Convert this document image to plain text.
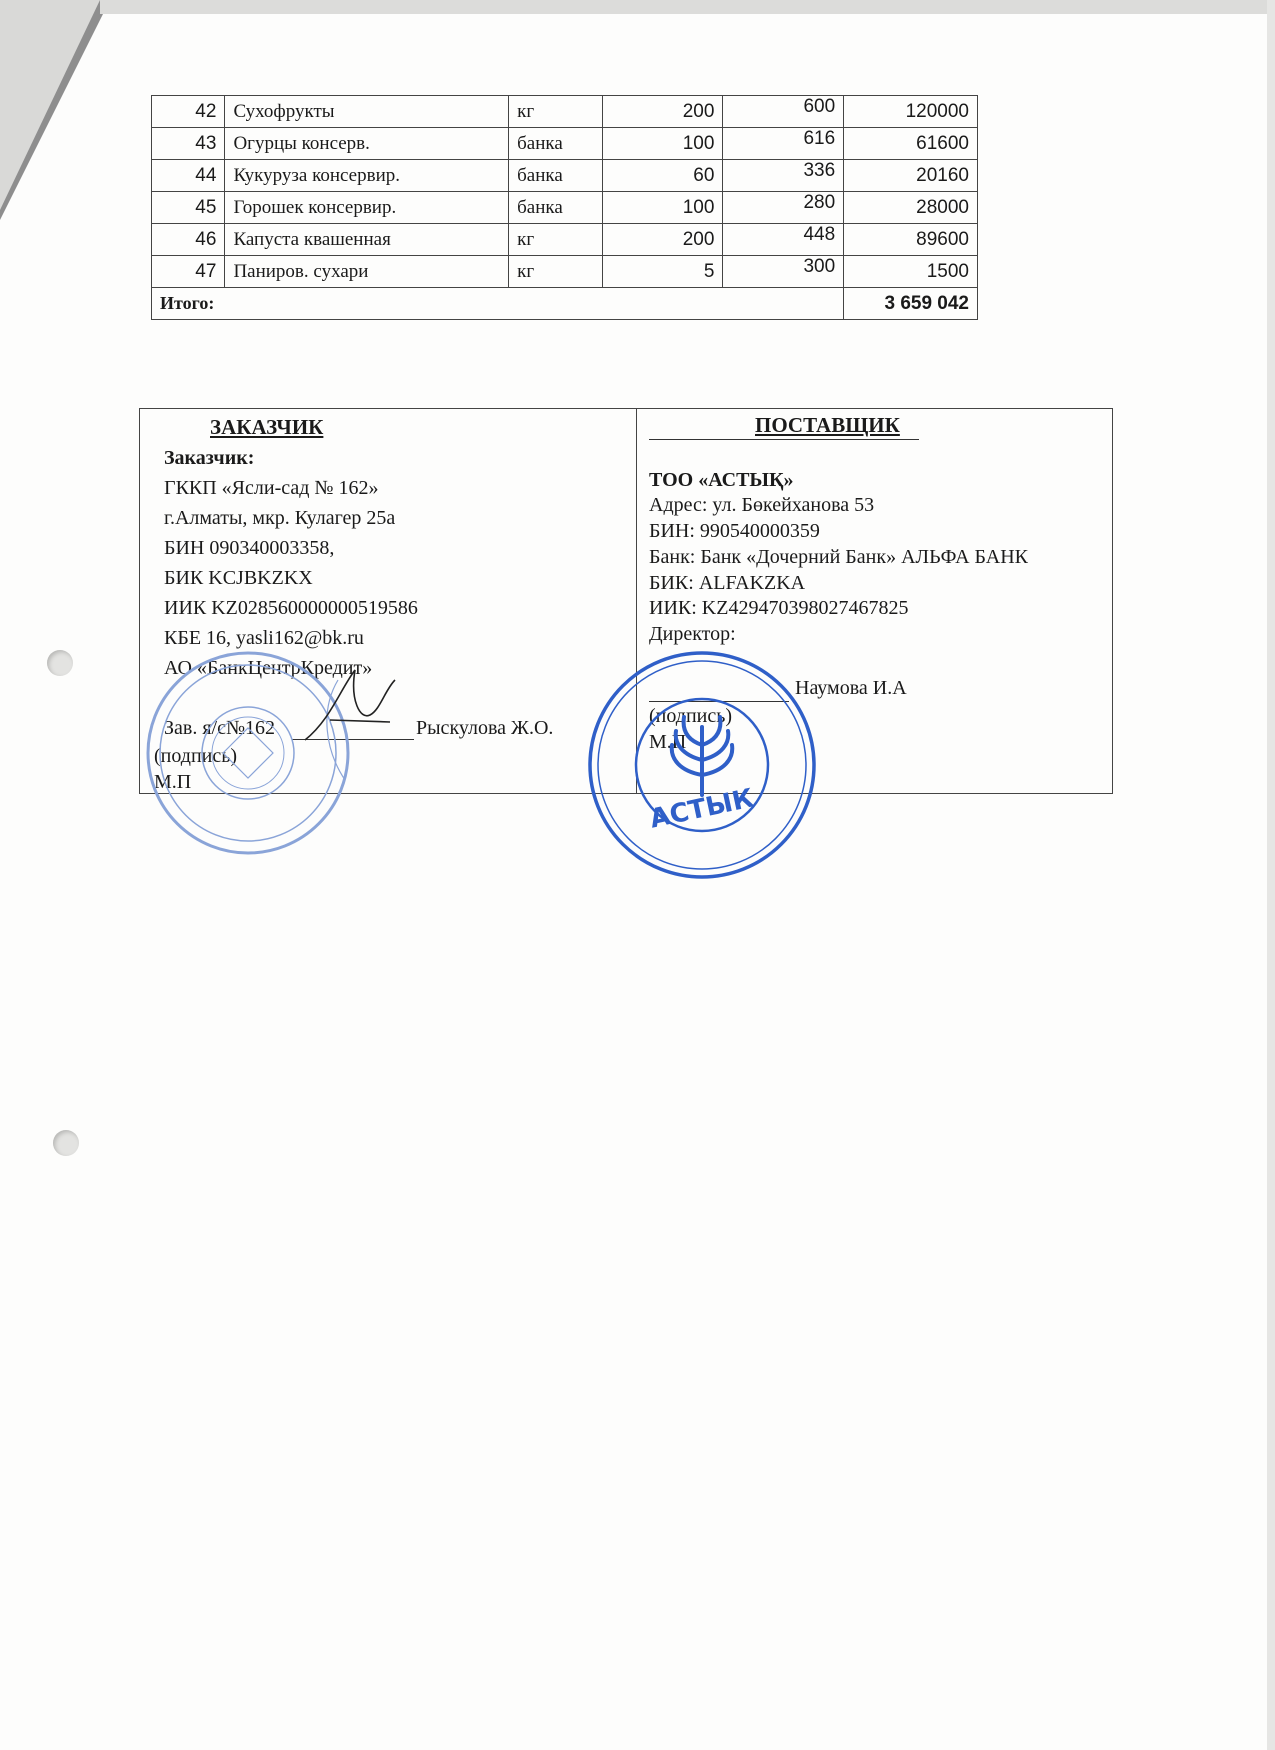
42	Сухофрукты	кг	200	600	120000
43	Огурцы консерв.	банка	100	616	61600
44	Кукуруза консервир.	банка	60	336	20160
45	Горошек консервир.	банка	100	280	28000
46	Капуста квашенная	кг	200	448	89600
47	Паниров. сухари	кг	5	300	1500
Итого:					3 659 042
ЗАКАЗЧИК
Заказчик:
ГККП «Ясли-сад № 162»
г.Алматы, мкр. Кулагер 25а
БИН 090340003358,
БИК KCJBKZKX
ИИК KZ028560000000519586
КБЕ 16, yasli162@bk.ru
АО «БанкЦентрКредит»
Зав. я/с№162	Рыскулова Ж.О.
(подпись)
М.П
ПОСТАВЩИК
ТОО «АСТЫҚ»
Адрес: ул. Бөкейханова 53
БИН: 990540000359
Банк: Банк «Дочерний Банк» АЛЬФА БАНК
БИК: ALFAKZKA
ИИК: KZ429470398027467825
Директор:
Наумова И.А
(подпись)
М.П
АСТЫК
